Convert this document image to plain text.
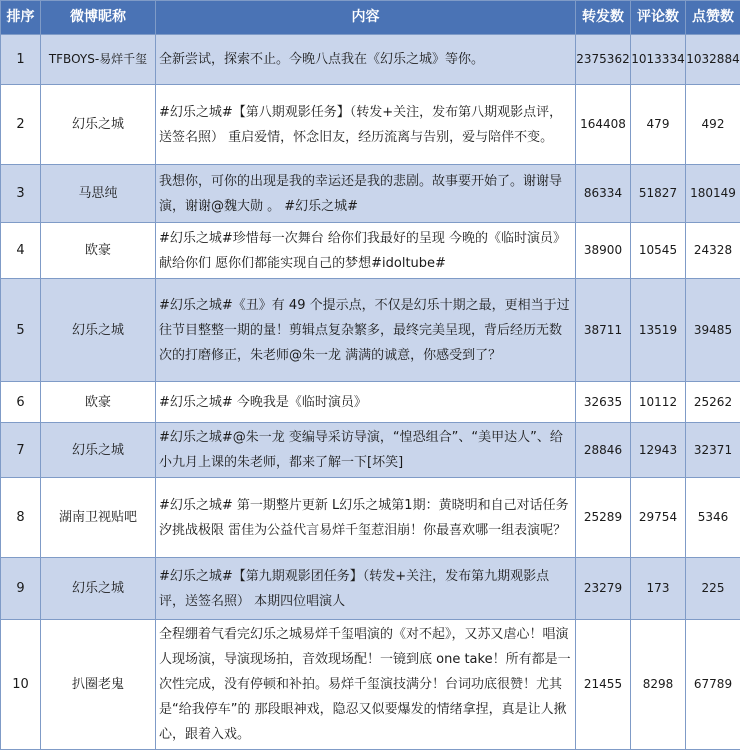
排序	微博昵称	内容	转发数	评论数	点赞数
1	TFBOYS-易烊千玺	全新尝试，探索不止。今晚八点我在《幻乐之城》等你。	2375362	1013334	1032884
2	幻乐之城	#幻乐之城#【第八期观影任务】（转发+关注，发布第八期观影点评，送签名照） 重启爱情，怀念旧友，经历流离与告别，爱与陪伴不变。	164408	479	492
3	马思纯	我想你，可你的出现是我的幸运还是我的悲剧。故事要开始了。谢谢导演，谢谢@魏大勋 。 #幻乐之城#	86334	51827	180149
4	欧豪	#幻乐之城#珍惜每一次舞台 给你们我最好的呈现 今晚的《临时演员》献给你们 愿你们都能实现自己的梦想#idoltube#	38900	10545	24328
5	幻乐之城	#幻乐之城#《丑》有 49 个提示点，不仅是幻乐十期之最，更相当于过往节目整整一期的量！剪辑点复杂繁多，最终完美呈现，背后经历无数次的打磨修正，朱老师@朱一龙 满满的诚意，你感受到了？	38711	13519	39485
6	欧豪	#幻乐之城# 今晚我是《临时演员》	32635	10112	25262
7	幻乐之城	#幻乐之城#@朱一龙 变编导采访导演，“惶恐组合”、“美甲达人”、给小九月上课的朱老师，都来了解一下[坏笑]	28846	12943	32371
8	湖南卫视贴吧	#幻乐之城# 第一期整片更新 L幻乐之城第1期：黄晓明和自己对话任务汐挑战极限 雷佳为公益代言易烊千玺惹泪崩！你最喜欢哪一组表演呢？	25289	29754	5346
9	幻乐之城	#幻乐之城#【第九期观影团任务】（转发+关注，发布第九期观影点评，送签名照） 本期四位唱演人	23279	173	225
10	扒圈老鬼	全程绷着气看完幻乐之城易烊千玺唱演的《对不起》，又苏又虐心！唱演人现场演，导演现场拍，音效现场配！一镜到底 one take！所有都是一次性完成，没有停顿和补拍。易烊千玺演技满分！台词功底很赞！尤其是“给我停车”的 那段眼神戏，隐忍又似要爆发的情绪拿捏，真是让人揪心，跟着入戏。	21455	8298	67789
